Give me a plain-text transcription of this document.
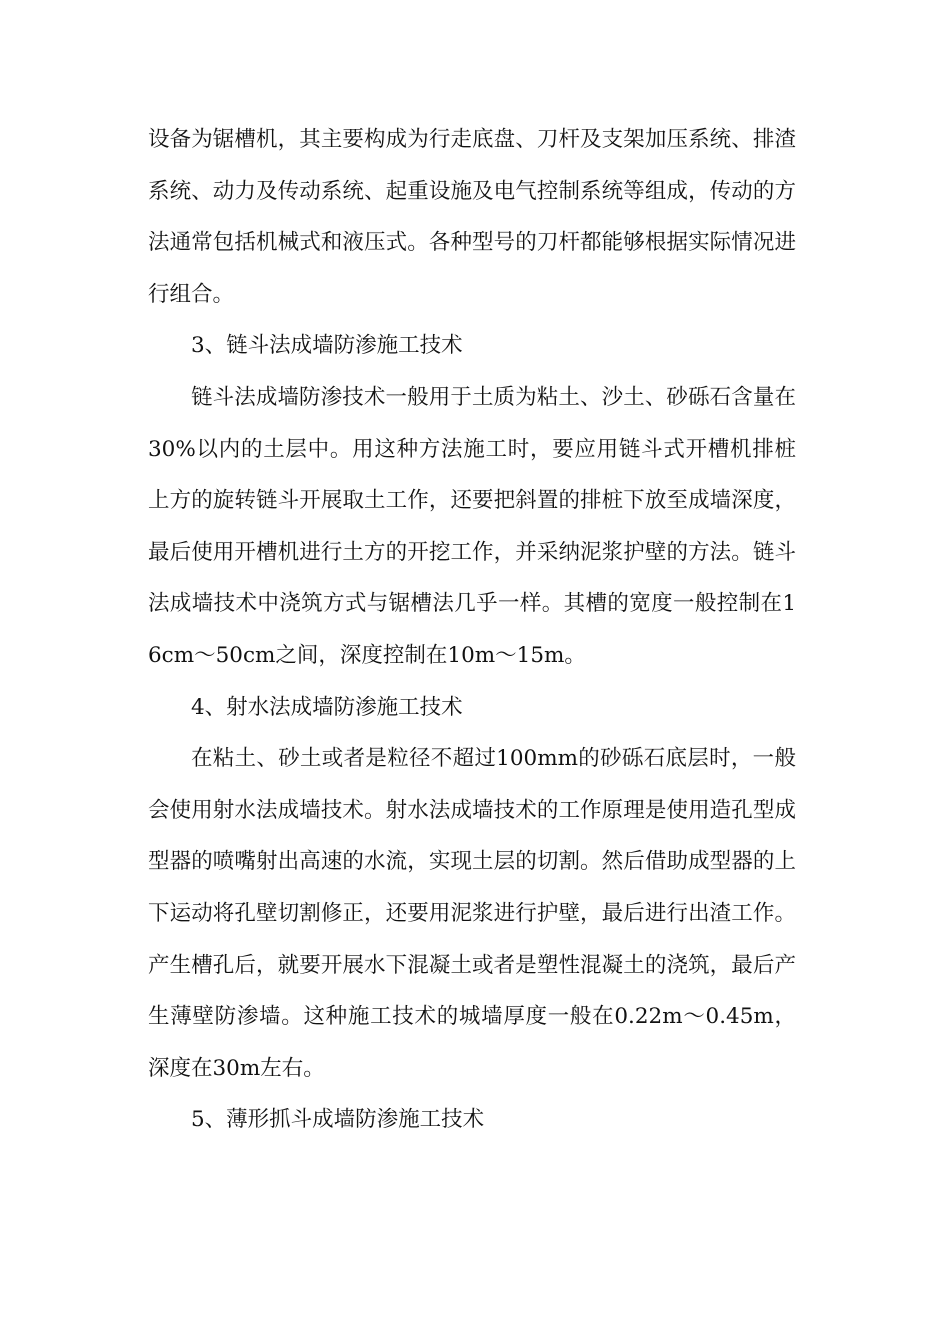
设备为锯槽机，其主要构成为行走底盘、刀杆及支架加压系统、排渣系统、动力及传动系统、起重设施及电气控制系统等组成，传动的方法通常包括机械式和液压式。各种型号的刀杆都能够根据实际情况进行组合。

3、链斗法成墙防渗施工技术

链斗法成墙防渗技术一般用于土质为粘土、沙土、砂砾石含量在30%以内的土层中。用这种方法施工时，要应用链斗式开槽机排桩上方的旋转链斗开展取土工作，还要把斜置的排桩下放至成墙深度，最后使用开槽机进行土方的开挖工作，并采纳泥浆护壁的方法。链斗法成墙技术中浇筑方式与锯槽法几乎一样。其槽的宽度一般控制在16cm～50cm之间，深度控制在10m～15m。

4、射水法成墙防渗施工技术

在粘土、砂土或者是粒径不超过100mm的砂砾石底层时，一般会使用射水法成墙技术。射水法成墙技术的工作原理是使用造孔型成型器的喷嘴射出高速的水流，实现土层的切割。然后借助成型器的上下运动将孔壁切割修正，还要用泥浆进行护壁，最后进行出渣工作。产生槽孔后，就要开展水下混凝土或者是塑性混凝土的浇筑，最后产生薄壁防渗墙。这种施工技术的城墙厚度一般在0.22m～0.45m，深度在30m左右。

5、薄形抓斗成墙防渗施工技术
